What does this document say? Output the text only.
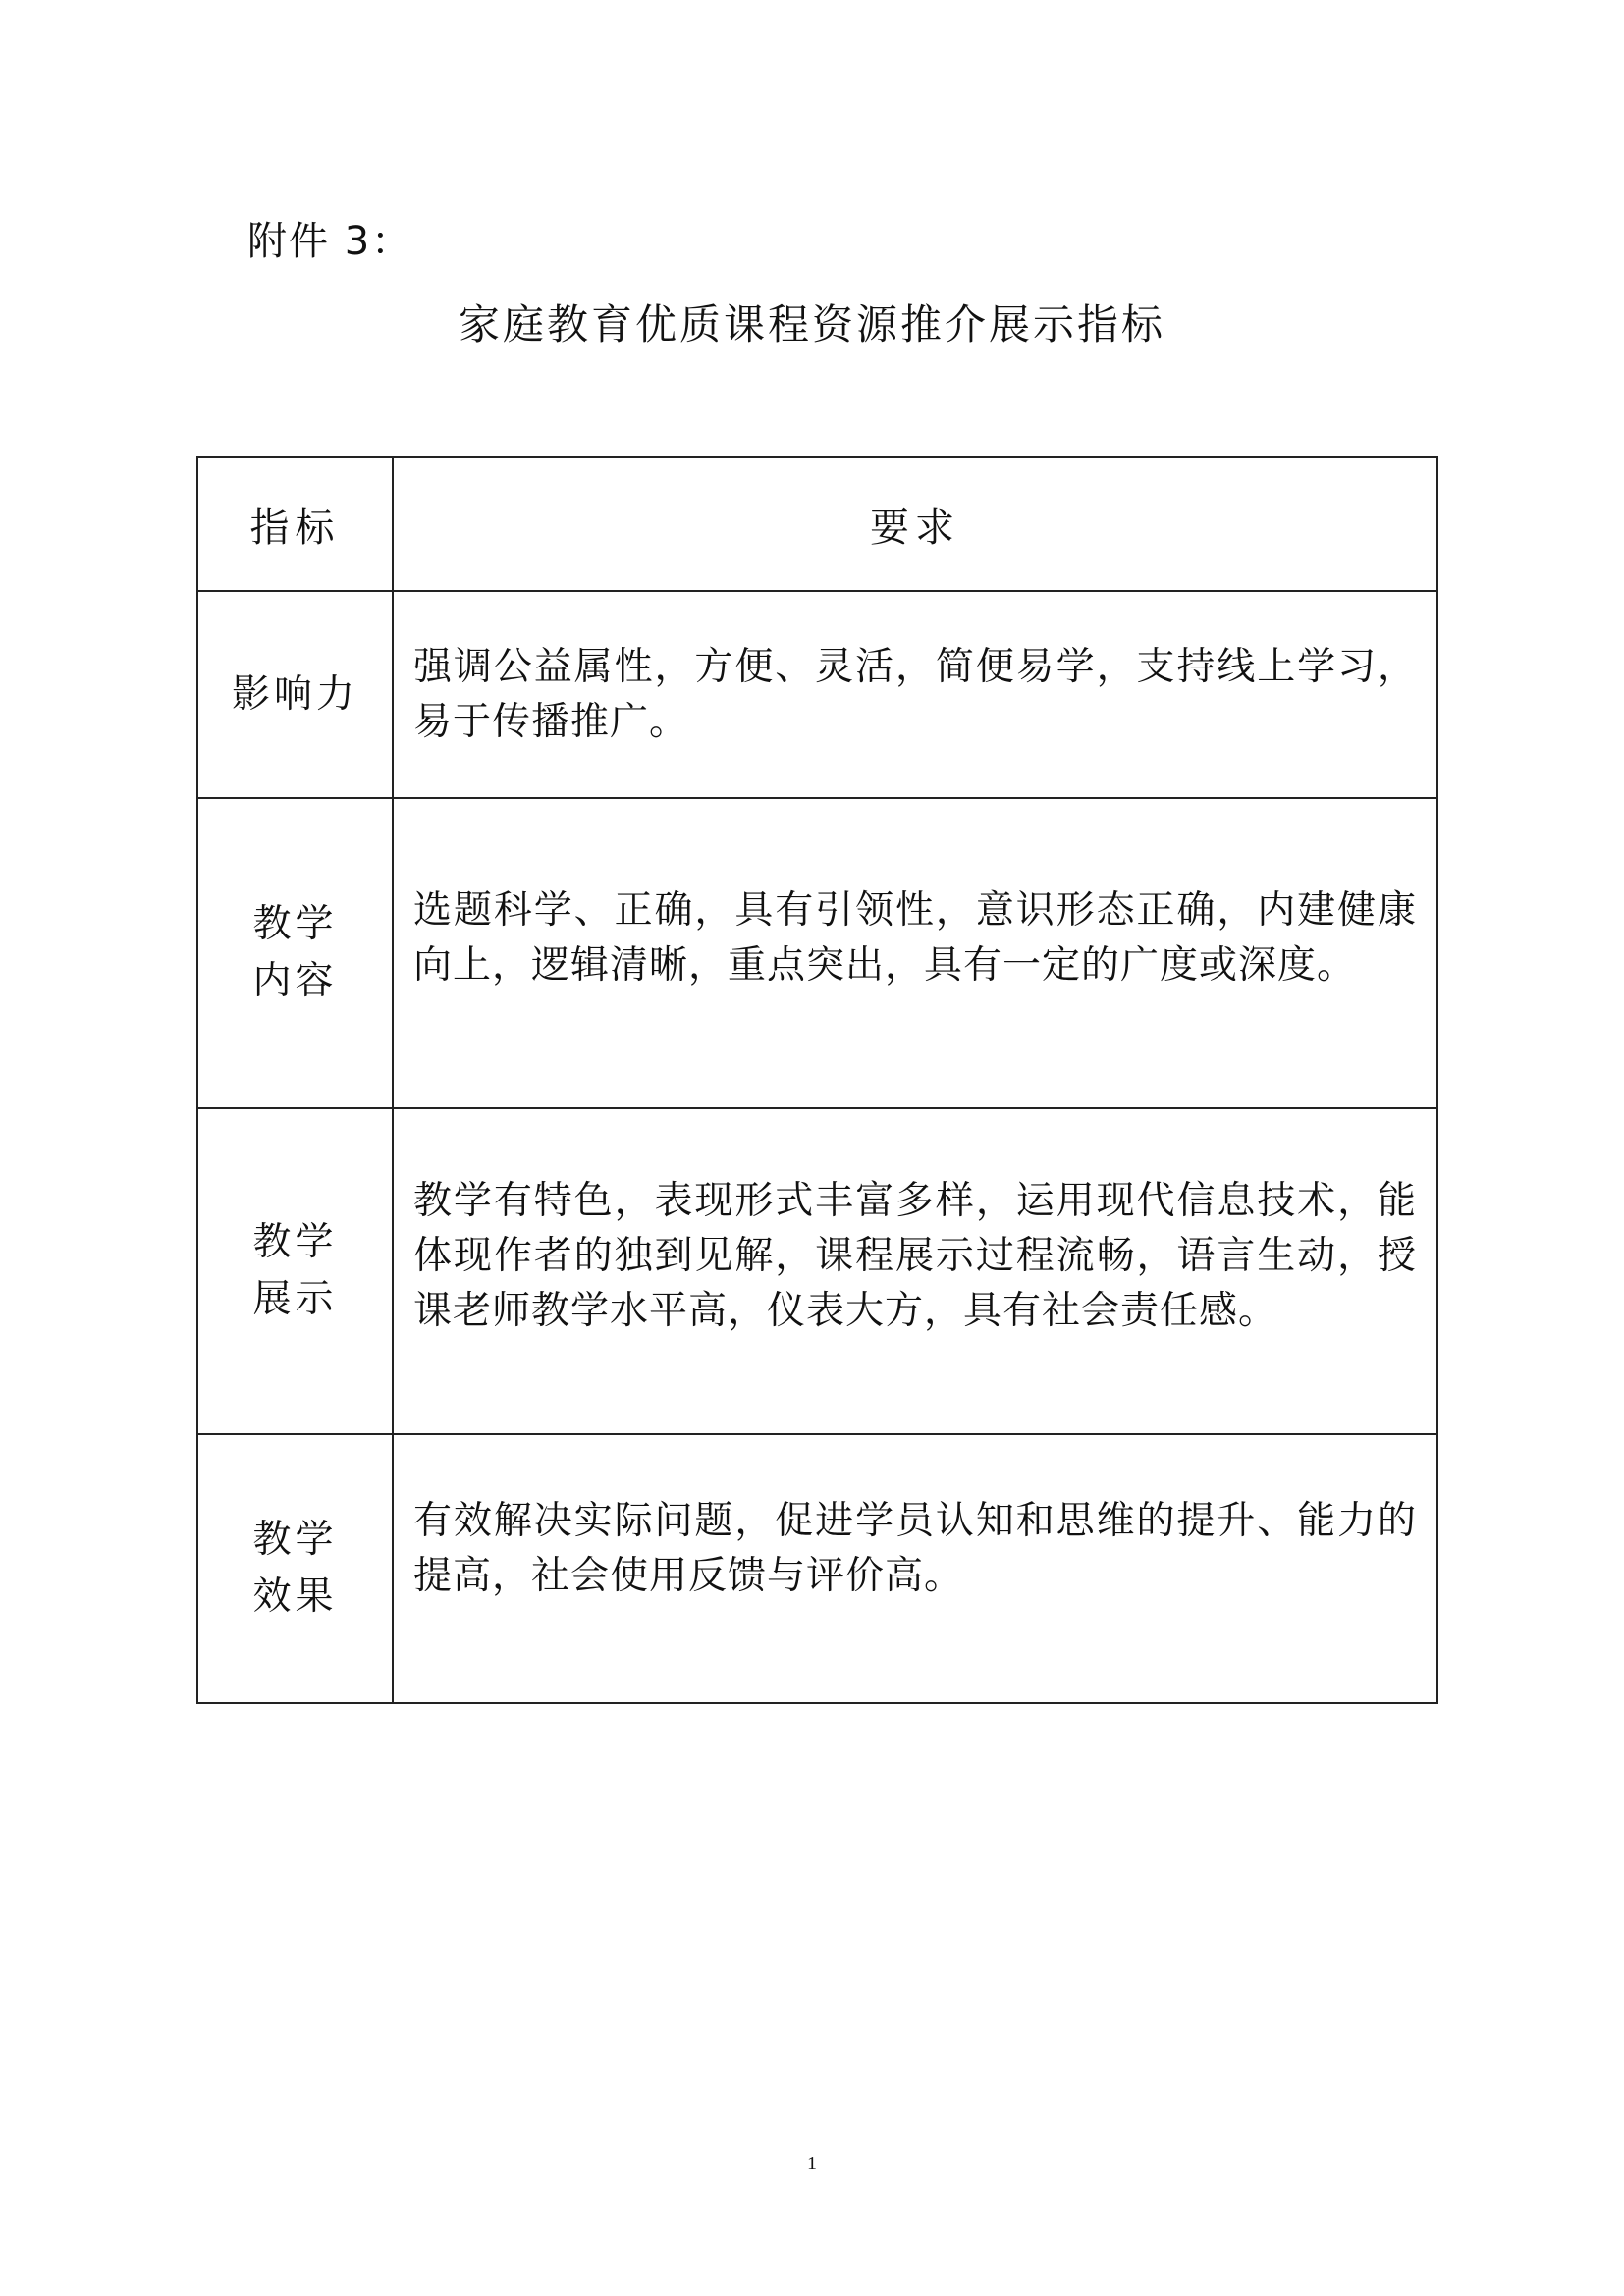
附件 3：
家庭教育优质课程资源推介展示指标
指标	要求
影响力	强调公益属性，方便、灵活，简便易学，支持线上学习，易于传播推广。

教学内容	选题科学、正确，具有引领性，意识形态正确，内建健康向上，逻辑清晰，重点突出，具有一定的广度或深度。

教学展示	教学有特色，表现形式丰富多样，运用现代信息技术，能体现作者的独到见解，课程展示过程流畅，语言生动，授课老师教学水平高，仪表大方，具有社会责任感。

教学效果	有效解决实际问题，促进学员认知和思维的提升、能力的提高，社会使用反馈与评价高。
1
